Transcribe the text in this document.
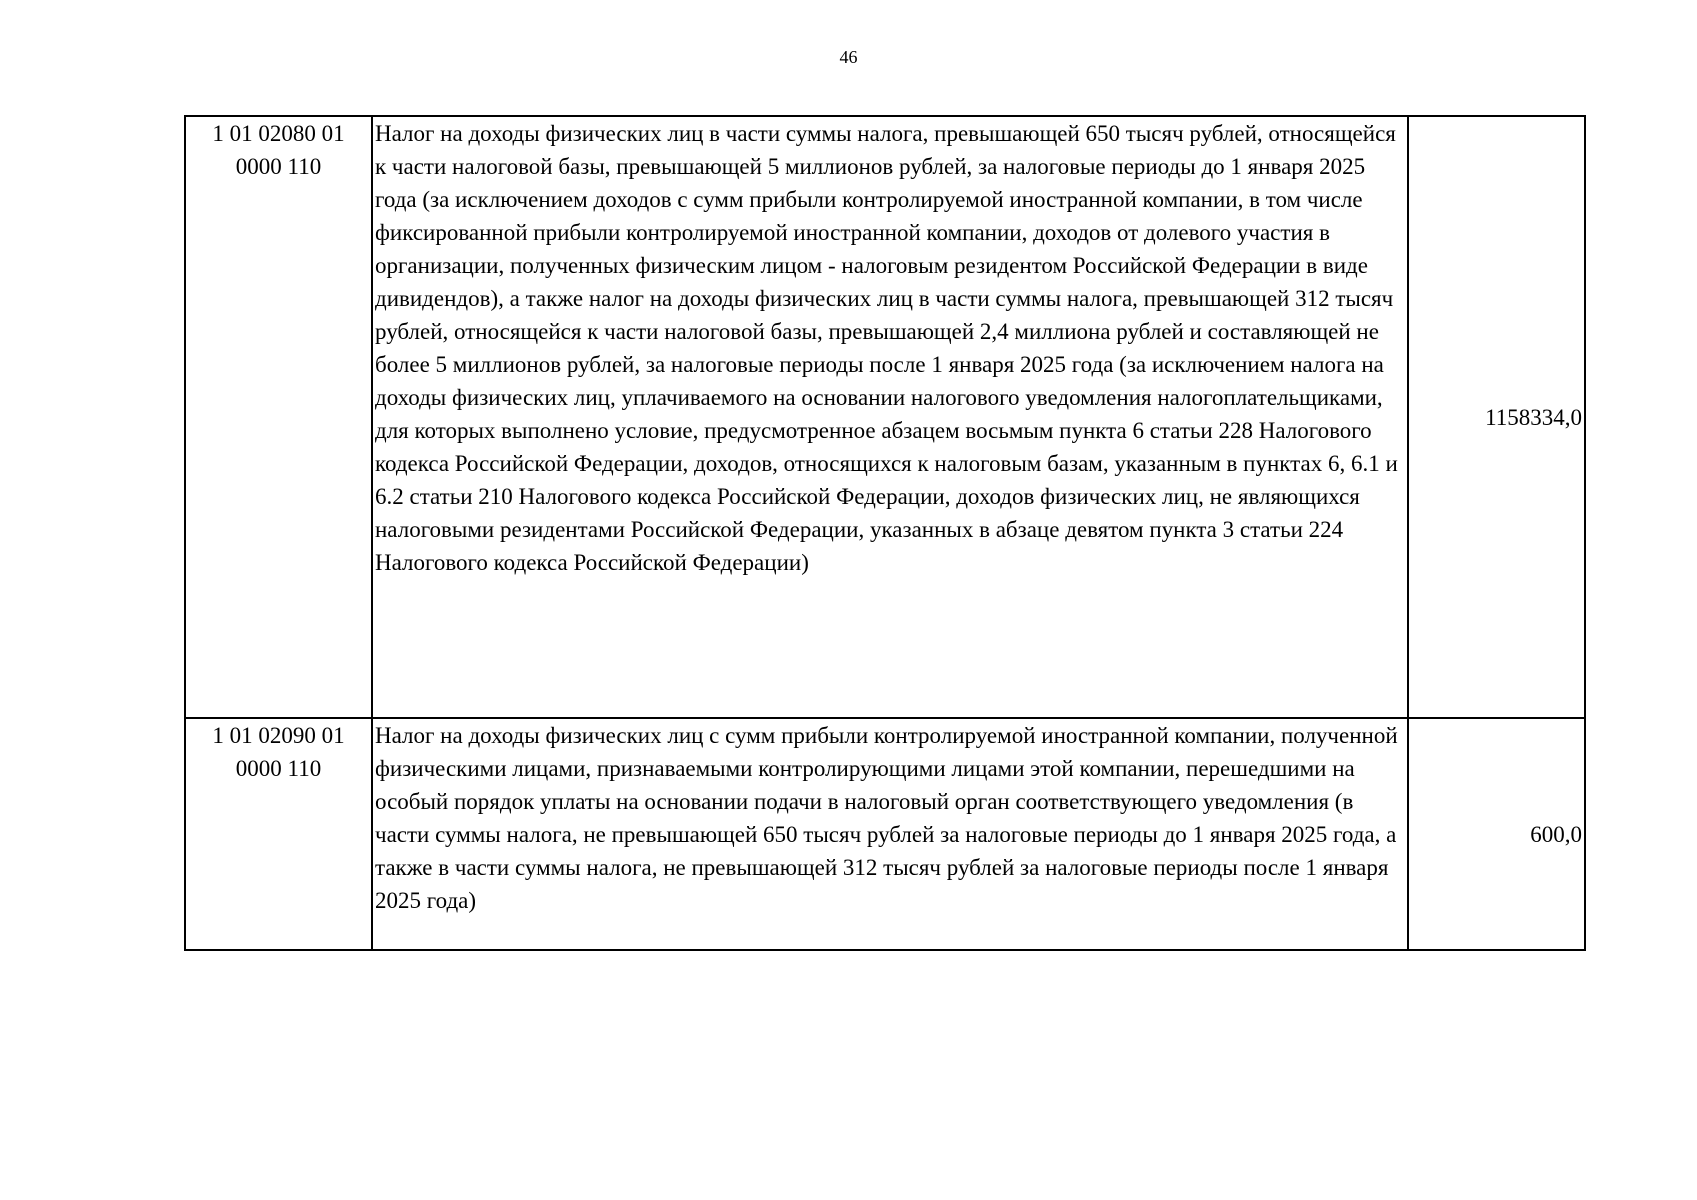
46
1 01 02080 01 0000 110	Налог на доходы физических лиц в части суммы налога, превышающей 650 тысяч рублей, относящейся к части налоговой базы, превышающей 5 миллионов рублей, за налоговые периоды до 1 января 2025 года (за исключением доходов с сумм прибыли контролируемой иностранной компании, в том числе фиксированной прибыли контролируемой иностранной компании, доходов от долевого участия в организации, полученных физическим лицом - налоговым резидентом Российской Федерации в виде дивидендов), а также налог на доходы физических лиц в части суммы налога, превышающей 312 тысяч рублей, относящейся к части налоговой базы, превышающей 2,4 миллиона рублей и составляющей не более 5 миллионов рублей, за налоговые периоды после 1 января 2025 года (за исключением налога на доходы физических лиц, уплачиваемого на основании налогового уведомления налогоплательщиками, для которых выполнено условие, предусмотренное абзацем восьмым пункта 6 статьи 228 Налогового кодекса Российской Федерации, доходов, относящихся к налоговым базам, указанным в пунктах 6, 6.1 и 6.2 статьи 210 Налогового кодекса Российской Федерации, доходов физических лиц, не являющихся налоговыми резидентами Российской Федерации, указанных в абзаце девятом пункта 3 статьи 224 Налогового кодекса Российской Федерации)	1158334,0
1 01 02090 01 0000 110	Налог на доходы физических лиц с сумм прибыли контролируемой иностранной компании, полученной физическими лицами, признаваемыми контролирующими лицами этой компании, перешедшими на особый порядок уплаты на основании подачи в налоговый орган соответствующего уведомления (в части суммы налога, не превышающей 650 тысяч рублей за налоговые периоды до 1 января 2025 года, а также в части суммы налога, не превышающей 312 тысяч рублей за налоговые периоды после 1 января 2025 года)	600,0
